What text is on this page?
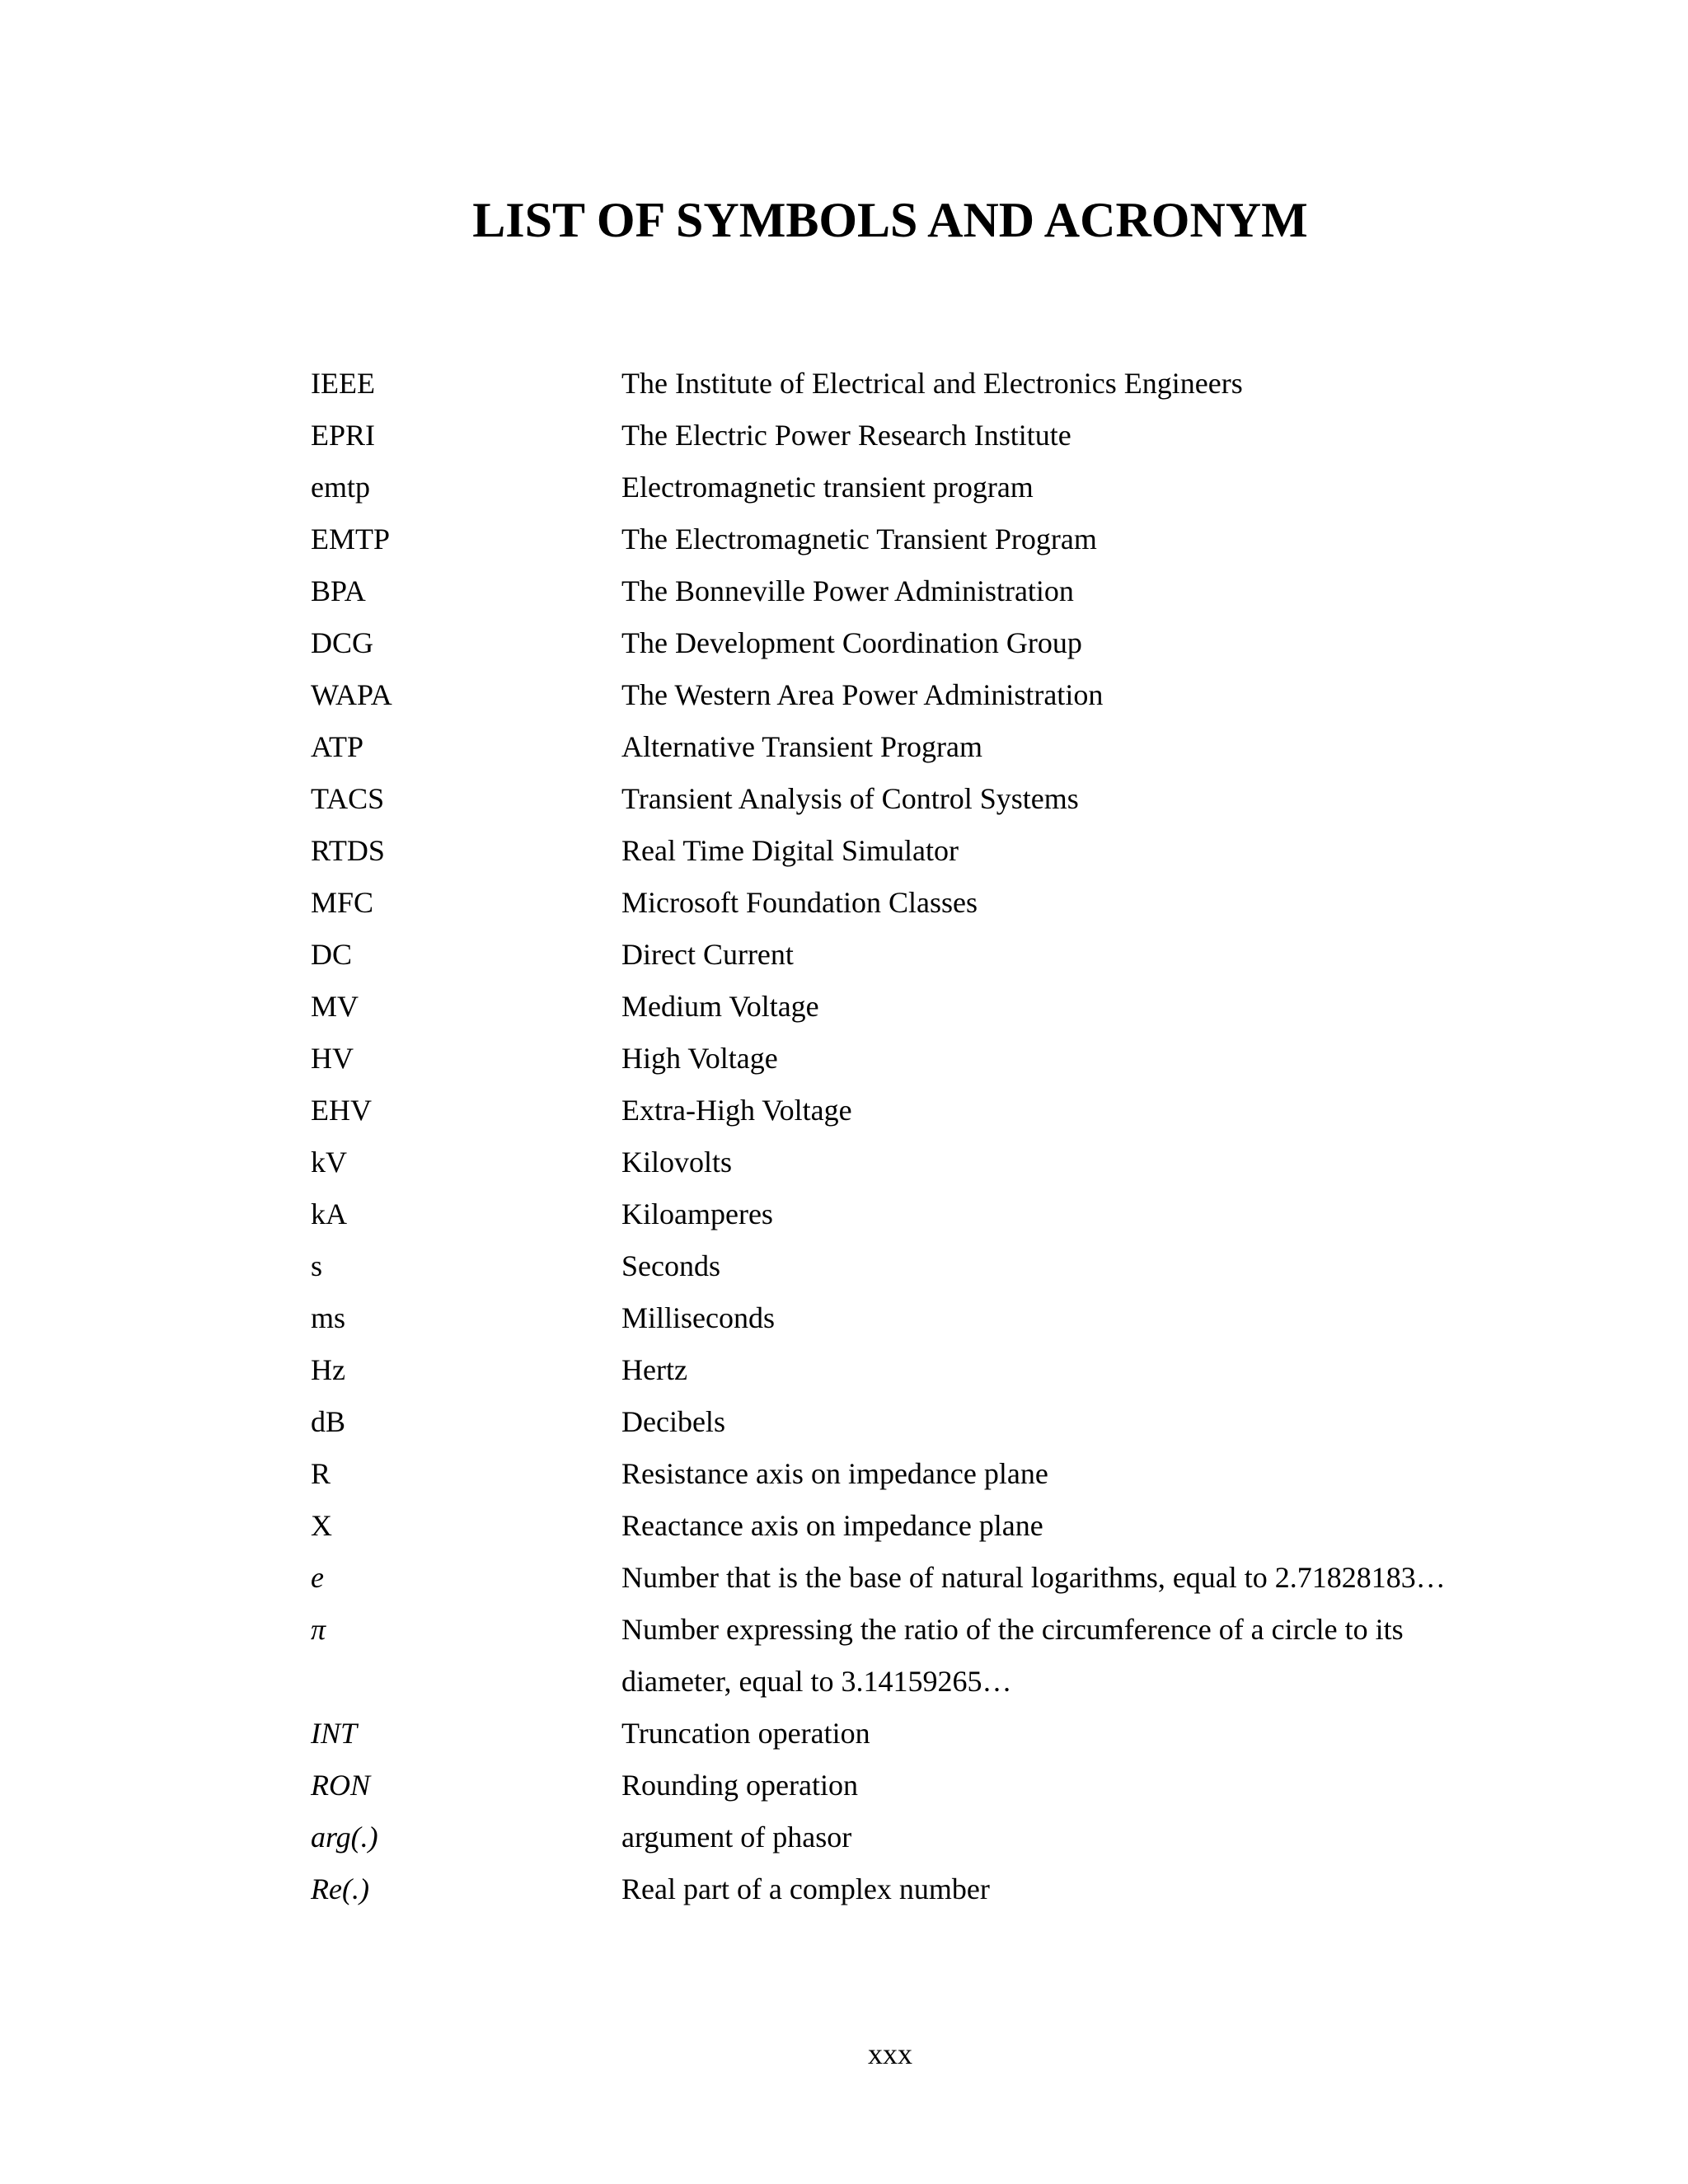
LIST OF SYMBOLS AND ACRONYM
IEEE	The Institute of Electrical and Electronics Engineers
EPRI	The Electric Power Research Institute
emtp	Electromagnetic transient program
EMTP	The Electromagnetic Transient Program
BPA	The Bonneville Power Administration
DCG	The Development Coordination Group
WAPA	The Western Area Power Administration
ATP	Alternative Transient Program
TACS	Transient Analysis of Control Systems
RTDS	Real Time Digital Simulator
MFC	Microsoft Foundation Classes
DC	Direct Current
MV	Medium Voltage
HV	High Voltage
EHV	Extra-High Voltage
kV	Kilovolts
kA	Kiloamperes
s	Seconds
ms	Milliseconds
Hz	Hertz
dB	Decibels
R	Resistance axis on impedance plane
X	Reactance axis on impedance plane
e	Number that is the base of natural logarithms, equal to 2.71828183…
π	Number expressing the ratio of the circumference of a circle to its diameter, equal to 3.14159265…
INT	Truncation operation
RON	Rounding operation
arg(.)	argument of phasor
Re(.)	Real part of a complex number
xxx
